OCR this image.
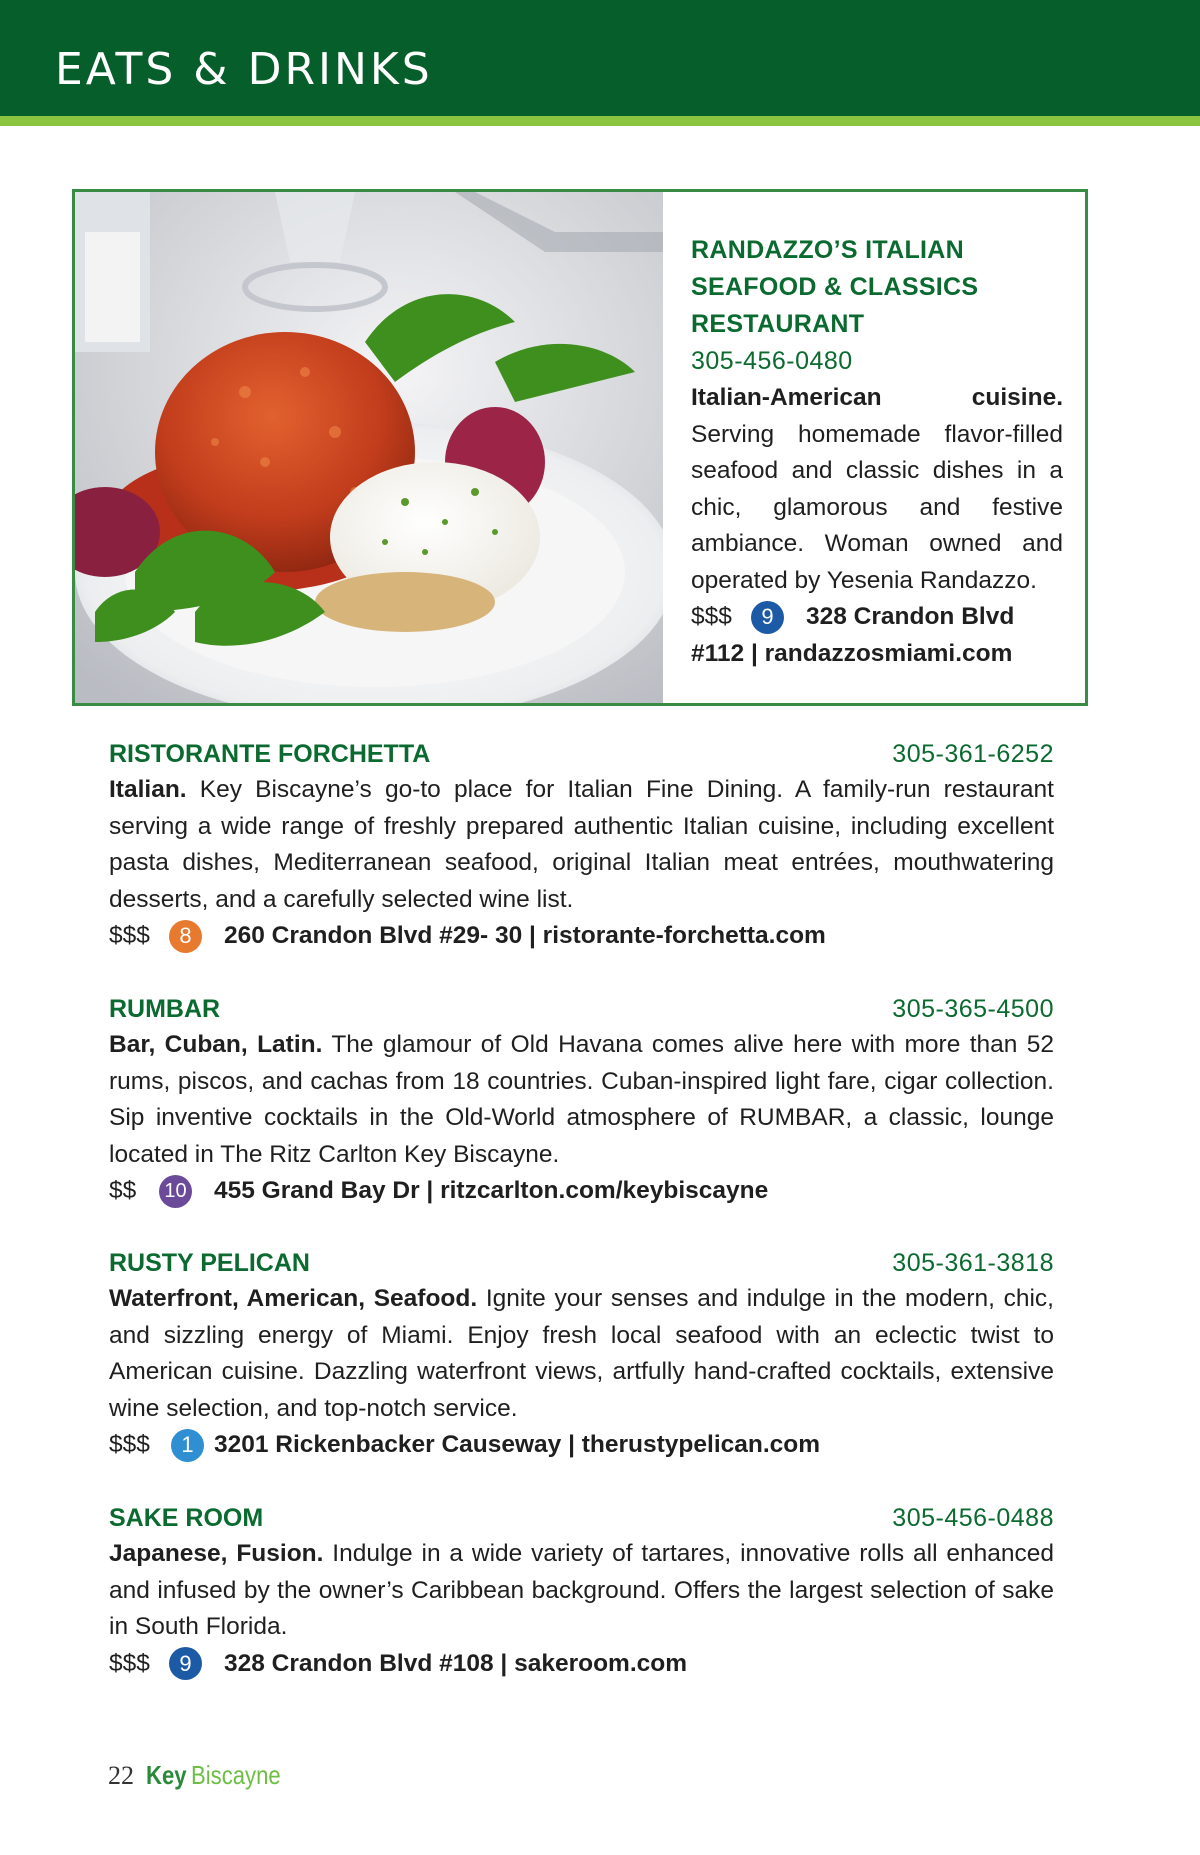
EATS & DRINKS
RANDAZZO’S ITALIAN
SEAFOOD & CLASSICS
RESTAURANT
305-456-0480
Italian-American cuisine. Serving homemade flavor-filled seafood and classic dishes in a chic, glamorous and festive ambiance. Woman owned and operated by Yesenia Randazzo.
$$$	9	328 Crandon Blvd
#112 | randazzosmiami.com
RISTORANTE FORCHETTA	305-361-6252

Italian. Key Biscayne’s go-to place for Italian Fine Dining. A family-run restaurant serving a wide range of freshly prepared authentic Italian cuisine, including excellent pasta dishes, Mediterranean seafood, original Italian meat entrées, mouthwatering desserts, and a carefully selected wine list.

$$$	8	260 Crandon Blvd #29- 30 | ristorante-forchetta.com
RUMBAR	305-365-4500

Bar, Cuban, Latin. The glamour of Old Havana comes alive here with more than 52 rums, piscos, and cachas from 18 countries. Cuban-inspired light fare, cigar collection. Sip inventive cocktails in the Old-World atmosphere of RUMBAR, a classic, lounge located in The Ritz Carlton Key Biscayne.

$$	10 455 Grand Bay Dr | ritzcarlton.com/keybiscayne
RUSTY PELICAN	305-361-3818

Waterfront, American, Seafood. Ignite your senses and indulge in the modern, chic, and sizzling energy of Miami. Enjoy fresh local seafood with an eclectic twist to American cuisine. Dazzling waterfront views, artfully hand-crafted cocktails, extensive wine selection, and top-notch service.

$$$	1 3201 Rickenbacker Causeway | therustypelican.com
SAKE ROOM	305-456-0488

Japanese, Fusion. Indulge in a wide variety of tartares, innovative rolls all enhanced and infused by the owner’s Caribbean background. Offers the largest selection of sake in South Florida.

$$$	9	328 Crandon Blvd #108 | sakeroom.com
22 Key Biscayne
